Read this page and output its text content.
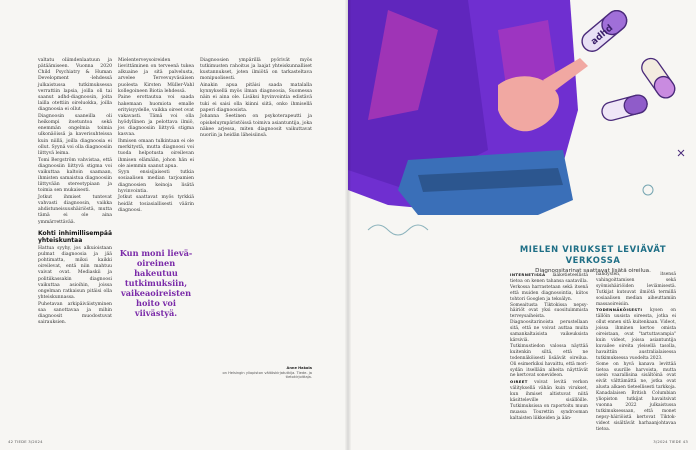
valtatu oliimdenlaatuun ja pätäämiseen. Vuonna 2020 Child Psychiatry & Human Development -lehdessä julkaistussa tutkimuksessa verrattiin lapsia, joilla oli tai saanut adhd-diagnoosin, joita lailla otettiin oireluokka, joilla diagnoosia ei ollut.

Diagnoosin saaneilla oli heikompi itsetuntoa sekä enemmän ongelmia toimia ulkonäöissä ja kaverisuhteissa kuin niillä, joilla diagnoosia ei ollut. Syynä voi olla diagnoosiin liittyvä leima.

Tomi Bergström vahvistaa, että diagnoosiin liittyvä stigma voi vaikuttaa kaltoin saamaan, ihmisten samaistua diagnoosiin liittyvään stereotypiaan ja toimia sen mukaisesti.

Jotkut ihmiset tuntevat vahvasti diagnoosin, vaikka ahdistuneisuushäiriöstä, mutta tämä ei ole aina ymmärrettävää.

Kohti inhimillisempää yhteiskuntaa

Hattua syyhy, jos alkuioistaan pulmat diagnoosia ja jää pohtimatta, miksi kaikki oireilevat, entä niin mahtuu vaivat ovat. Mediaskii ja politiikassakin diagnoosi vaikuttaa asioihin, joissa ongelman ratkaisun pitäisi olla yhteiskunnassa.

Puhetavan arkipäiväistyminen saa sanottavaa ja mihin diagnoosit muodostuvat sairauksien.

Mielenterveysoireiden lievittäminen on terveenä tukea alkuaine ja sitä palvelusta, arvelee Tervevuyväsäisen puolesta Kirsten Müller-Vahl kollegoineen Biotia lehdessä.

Paine erottautua voi saada hakemaan huomiota emalle erityisyydelle, vaikka oireet ovat vakavasti. Tämä voi olla hyödyllinen ja pelottava ilmiö, jos diagnoosiin liittyvä stigma kasvaa.

Ihmisen omaan tulkintaan ei ole merkitystä, mutta diagnoosi voi tuoda helpotusta oireilevan ihmisen elämään, johon hän ei ole aiemmin saanut apua.

Syyn ensisijaisesti tutkia sosiaalisen median tarjoamien diagnoosien keinoja lisätä hyvinvointia.

Jotkut saattavat myös tyrkkiä heidät tosiasiallisesti väärin diagnoosi.

Kun moni lievä-oireinen hakeutuu tutkimuksiin, vaikeaoireisten hoito voi viivästyä.

Diagnoosien ympärillä pyörivät myös tutkimusten rahoitus ja laajat yhteiskunnalliset kustannukset, joten ilmiötä on tarkasteltava monipuolisesti.

Ainakin apua pitäisi saada matalalla kynnyksellä myös ilman diagnoosia, Suomessa näin ei aina ole. Lisäksi hyvinvointia edistävä tuki ei saisi olla kiinni siitä, onko ihmisellä paperi diagnoosista.

Johanna Seetinen on psykoterapeutti ja opiskeluympäristöissä toimiva asiantuntija, joka näkee arjessa, miten diagnoosit vaikuttavat nuoriin ja heidän läheisiinsä.

Anne Hakola
on Helsingin yliopiston väitöskirjatutkija. Tiede- ja tietokirjoittaja.
42 TIEDE 3/2024
adhd
MIELEN VIRUKSET LEVIÄVÄT VERKOSSA
Diagnoositarinat saattavat lisätä oireilua.

INTERNETISSÄ lääketieteellistä tietoa on kenen tahansa saatavilla. Verkossa harrastetaan sekä itsenä että muiden diagnosointia, kiitos tohtori Googlen ja tekoälyn.

Someaitusta Tiktokissa nepsy-häiriöt ovat yksi suosituimmista terveysaiheista. Diagnoositarinoista perustellaan sitä, että ne voivat auttaa muita samankaltaisista vaikeuksista kärsiviä.

Tutkimustiedon valossa näyttää kuitenkin siltä, että ne todennäköisesti lisäävät oireilua. Oli esimerkiksi havaittu, että mori-sydän itsellään aiheita näyttävät ne kertovat sonevideon.

OIREET voivat levitä verkon välityksellä vähän kuin virukset, kun ihmiset altistuvat niitä käsitteleville sisällöille. Tutkimuksissa on raportoitu muun muassa Tourettin syndrooman kaltaisten liikkeiden ja ään-

nähdysten, itsensä vahingoittamisen sekä syömishäiriöiden leviämisestä. Tutkijat kutsuvat ilmiötä termillä sosiaalisen median aiheuttamiin massaoireisiin.

TODENNÄKÖISESTI kysen on tällöin uusista oireesta, jotka ei ollut ennen sitä kuitenkaan. Videot, joissa ihminen kertoo omista oireistaan, ovat "tartuttavampia" kuin videot, joissa asiantuntija kuvailee oireita yleisellä tasolla, havaittiin australialaisessa tutkimuksessa vuodelta 2023.

Some on hyvä kanava levittää tietoa suurille harvoista, mutta usein vaarallisina sisältöinä ovat eivät välttämättä ne, jotka ovat alusta alkaen tieteellisesti tarkkoja. Kanadalaisen British Columbian yliopiston tutkijat havaitsivat vuonna 2022 julkaistussa tutkimuksessaan, että monet nepsy-häiriöistä kertovat Tiktok-videot sisältävät harhaanjohtavaa tietoa.

3/2024 TIEDE 43
